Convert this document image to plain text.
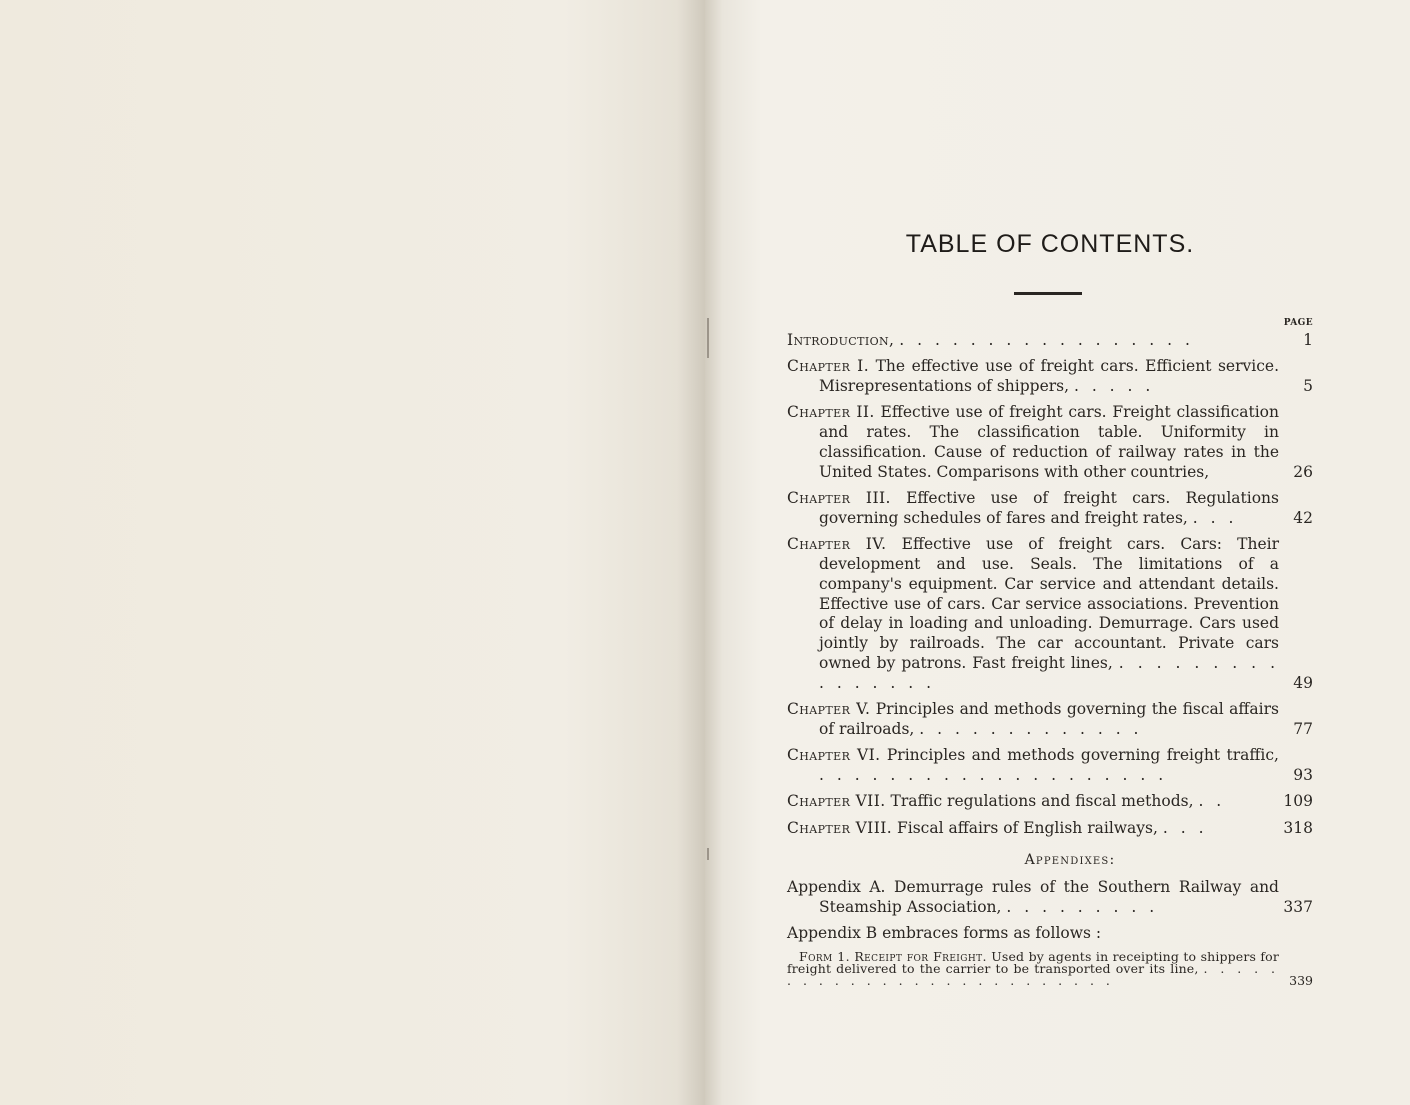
TABLE OF CONTENTS.
PAGE
Introduction, . . . . . . . . . . . . . . . . .	1
Chapter I. The effective use of freight cars. Efficient service. Misrepresentations of shippers, . . . . .	5
Chapter II. Effective use of freight cars. Freight classification and rates. The classification table. Uniformity in classification. Cause of reduction of railway rates in the United States. Comparisons with other countries,	26
Chapter III. Effective use of freight cars. Regulations governing schedules of fares and freight rates, . . .	42
Chapter IV. Effective use of freight cars. Cars: Their development and use. Seals. The limitations of a company's equipment. Car service and attendant details. Effective use of cars. Car service associations. Prevention of delay in loading and unloading. Demurrage. Cars used jointly by railroads. The car accountant. Private cars owned by patrons. Fast freight lines, . . . . . . . . . . . . . . . .	49
Chapter V. Principles and methods governing the fiscal affairs of railroads, . . . . . . . . . . . . .	77
Chapter VI. Principles and methods governing freight traffic, . . . . . . . . . . . . . . . . . . . .	93
Chapter VII. Traffic regulations and fiscal methods, . .	109
Chapter VIII. Fiscal affairs of English railways, . . .	318
Appendixes:
Appendix A. Demurrage rules of the Southern Railway and Steamship Association, . . . . . . . . .	337
Appendix B embraces forms as follows :
Form 1. Receipt for Freight. Used by agents in receipting to shippers for freight delivered to the carrier to be transported over its line, . . . . . . . . . . . . . . . . . . . . . . . . . .	339
